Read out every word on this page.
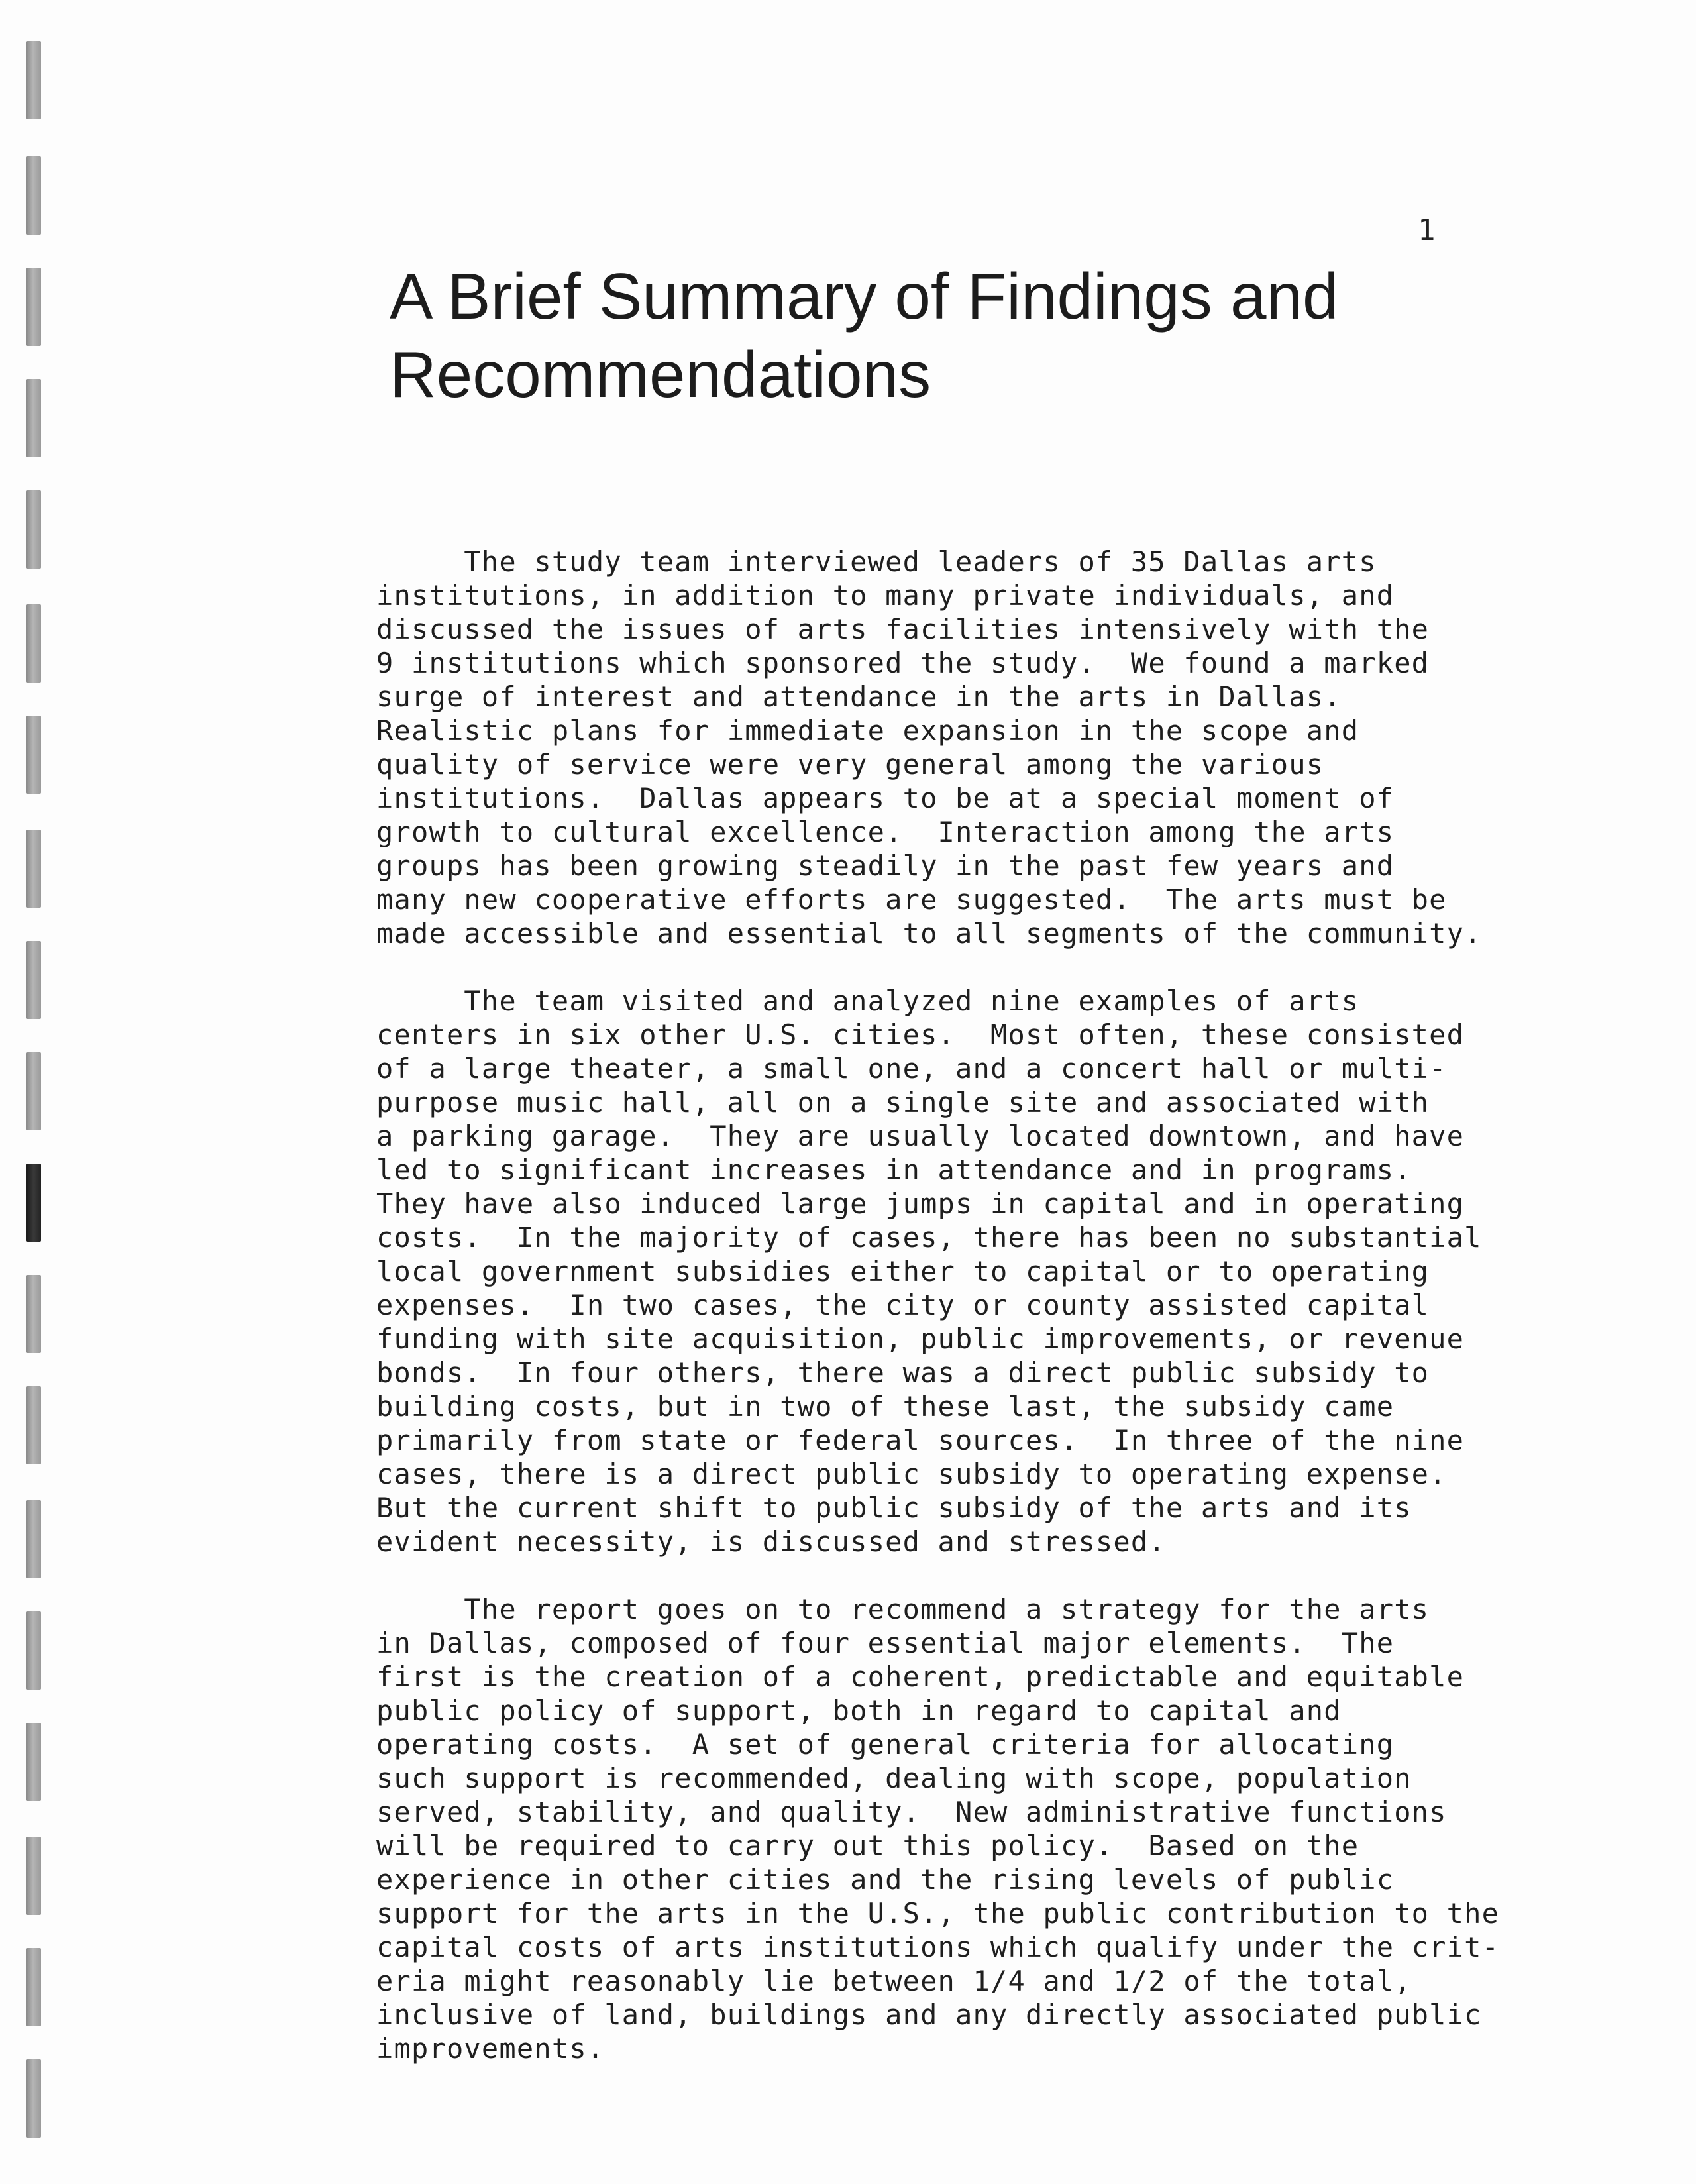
1
A Brief Summary of Findings and
Recommendations

The study team interviewed leaders of 35 Dallas arts
institutions, in addition to many private individuals, and
discussed the issues of arts facilities intensively with the
9 institutions which sponsored the study.  We found a marked
surge of interest and attendance in the arts in Dallas.
Realistic plans for immediate expansion in the scope and
quality of service were very general among the various
institutions.  Dallas appears to be at a special moment of
growth to cultural excellence.  Interaction among the arts
groups has been growing steadily in the past few years and
many new cooperative efforts are suggested.  The arts must be
made accessible and essential to all segments of the community.

The team visited and analyzed nine examples of arts
centers in six other U.S. cities.  Most often, these consisted
of a large theater, a small one, and a concert hall or multi-
purpose music hall, all on a single site and associated with
a parking garage.  They are usually located downtown, and have
led to significant increases in attendance and in programs.
They have also induced large jumps in capital and in operating
costs.  In the majority of cases, there has been no substantial
local government subsidies either to capital or to operating
expenses.  In two cases, the city or county assisted capital
funding with site acquisition, public improvements, or revenue
bonds.  In four others, there was a direct public subsidy to
building costs, but in two of these last, the subsidy came
primarily from state or federal sources.  In three of the nine
cases, there is a direct public subsidy to operating expense.
But the current shift to public subsidy of the arts and its
evident necessity, is discussed and stressed.

The report goes on to recommend a strategy for the arts
in Dallas, composed of four essential major elements.  The
first is the creation of a coherent, predictable and equitable
public policy of support, both in regard to capital and
operating costs.  A set of general criteria for allocating
such support is recommended, dealing with scope, population
served, stability, and quality.  New administrative functions
will be required to carry out this policy.  Based on the
experience in other cities and the rising levels of public
support for the arts in the U.S., the public contribution to the
capital costs of arts institutions which qualify under the crit-
eria might reasonably lie between 1/4 and 1/2 of the total,
inclusive of land, buildings and any directly associated public
improvements.
